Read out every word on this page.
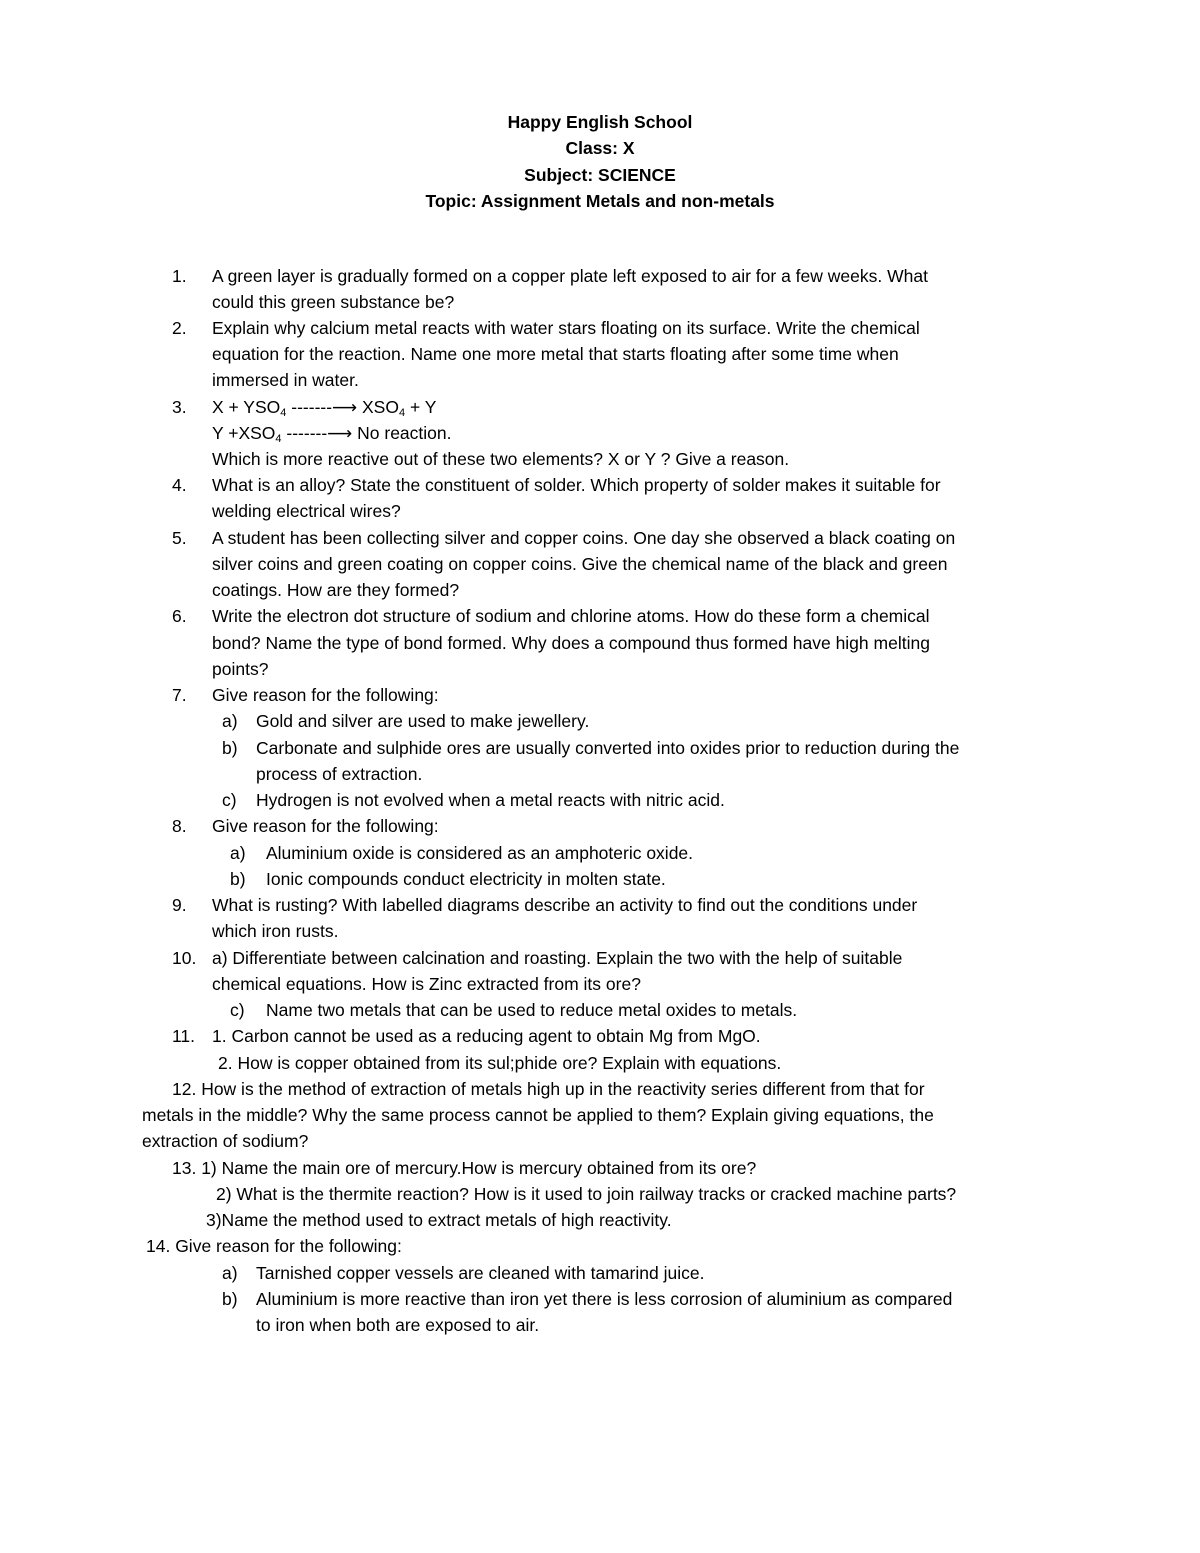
Happy English School
Class: X
Subject: SCIENCE
Topic: Assignment Metals and non-metals
1. A green layer is gradually formed on a copper plate left exposed to air for a few weeks. What
could this green substance be?
2. Explain why calcium metal reacts with water stars floating on its surface. Write the chemical
equation for the reaction. Name one more metal that starts floating after some time when
immersed in water.
3. $X + YSO_4$ -------⟶ $XSO_4 + Y$
$Y +XSO_4$ -------⟶ No reaction.
Which is more reactive out of these two elements? X or Y ? Give a reason.
4. What is an alloy? State the constituent of solder. Which property of solder makes it suitable for
welding electrical wires?
5. A student has been collecting silver and copper coins. One day she observed a black coating on
silver coins and green coating on copper coins. Give the chemical name of the black and green
coatings. How are they formed?
6. Write the electron dot structure of sodium and chlorine atoms. How do these form a chemical
bond? Name the type of bond formed. Why does a compound thus formed have high melting
points?
7. Give reason for the following:
a) Gold and silver are used to make jewellery.
b) Carbonate and sulphide ores are usually converted into oxides prior to reduction during the
process of extraction.
c) Hydrogen is not evolved when a metal reacts with nitric acid.
8. Give reason for the following:
a) Aluminium oxide is considered as an amphoteric oxide.
b) Ionic compounds conduct electricity in molten state.
9. What is rusting? With labelled diagrams describe an activity to find out the conditions under
which iron rusts.
10. a) Differentiate between calcination and roasting. Explain the two with the help of suitable
chemical equations. How is Zinc extracted from its ore?
c) Name two metals that can be used to reduce metal oxides to metals.
11. 1. Carbon cannot be used as a reducing agent to obtain Mg from MgO.
2. How is copper obtained from its sul;phide ore? Explain with equations.
12. How is the method of extraction of metals high up in the reactivity series different from that for
metals in the middle? Why the same process cannot be applied to them? Explain giving equations, the
extraction of sodium?
13. 1) Name the main ore of mercury.How is mercury obtained from its ore?
2) What is the thermite reaction? How is it used to join railway tracks or cracked machine parts?
3)Name the method used to extract metals of high reactivity.
14. Give reason for the following:
a) Tarnished copper vessels are cleaned with tamarind juice.
b) Aluminium is more reactive than iron yet there is less corrosion of aluminium as compared
to iron when both are exposed to air.
